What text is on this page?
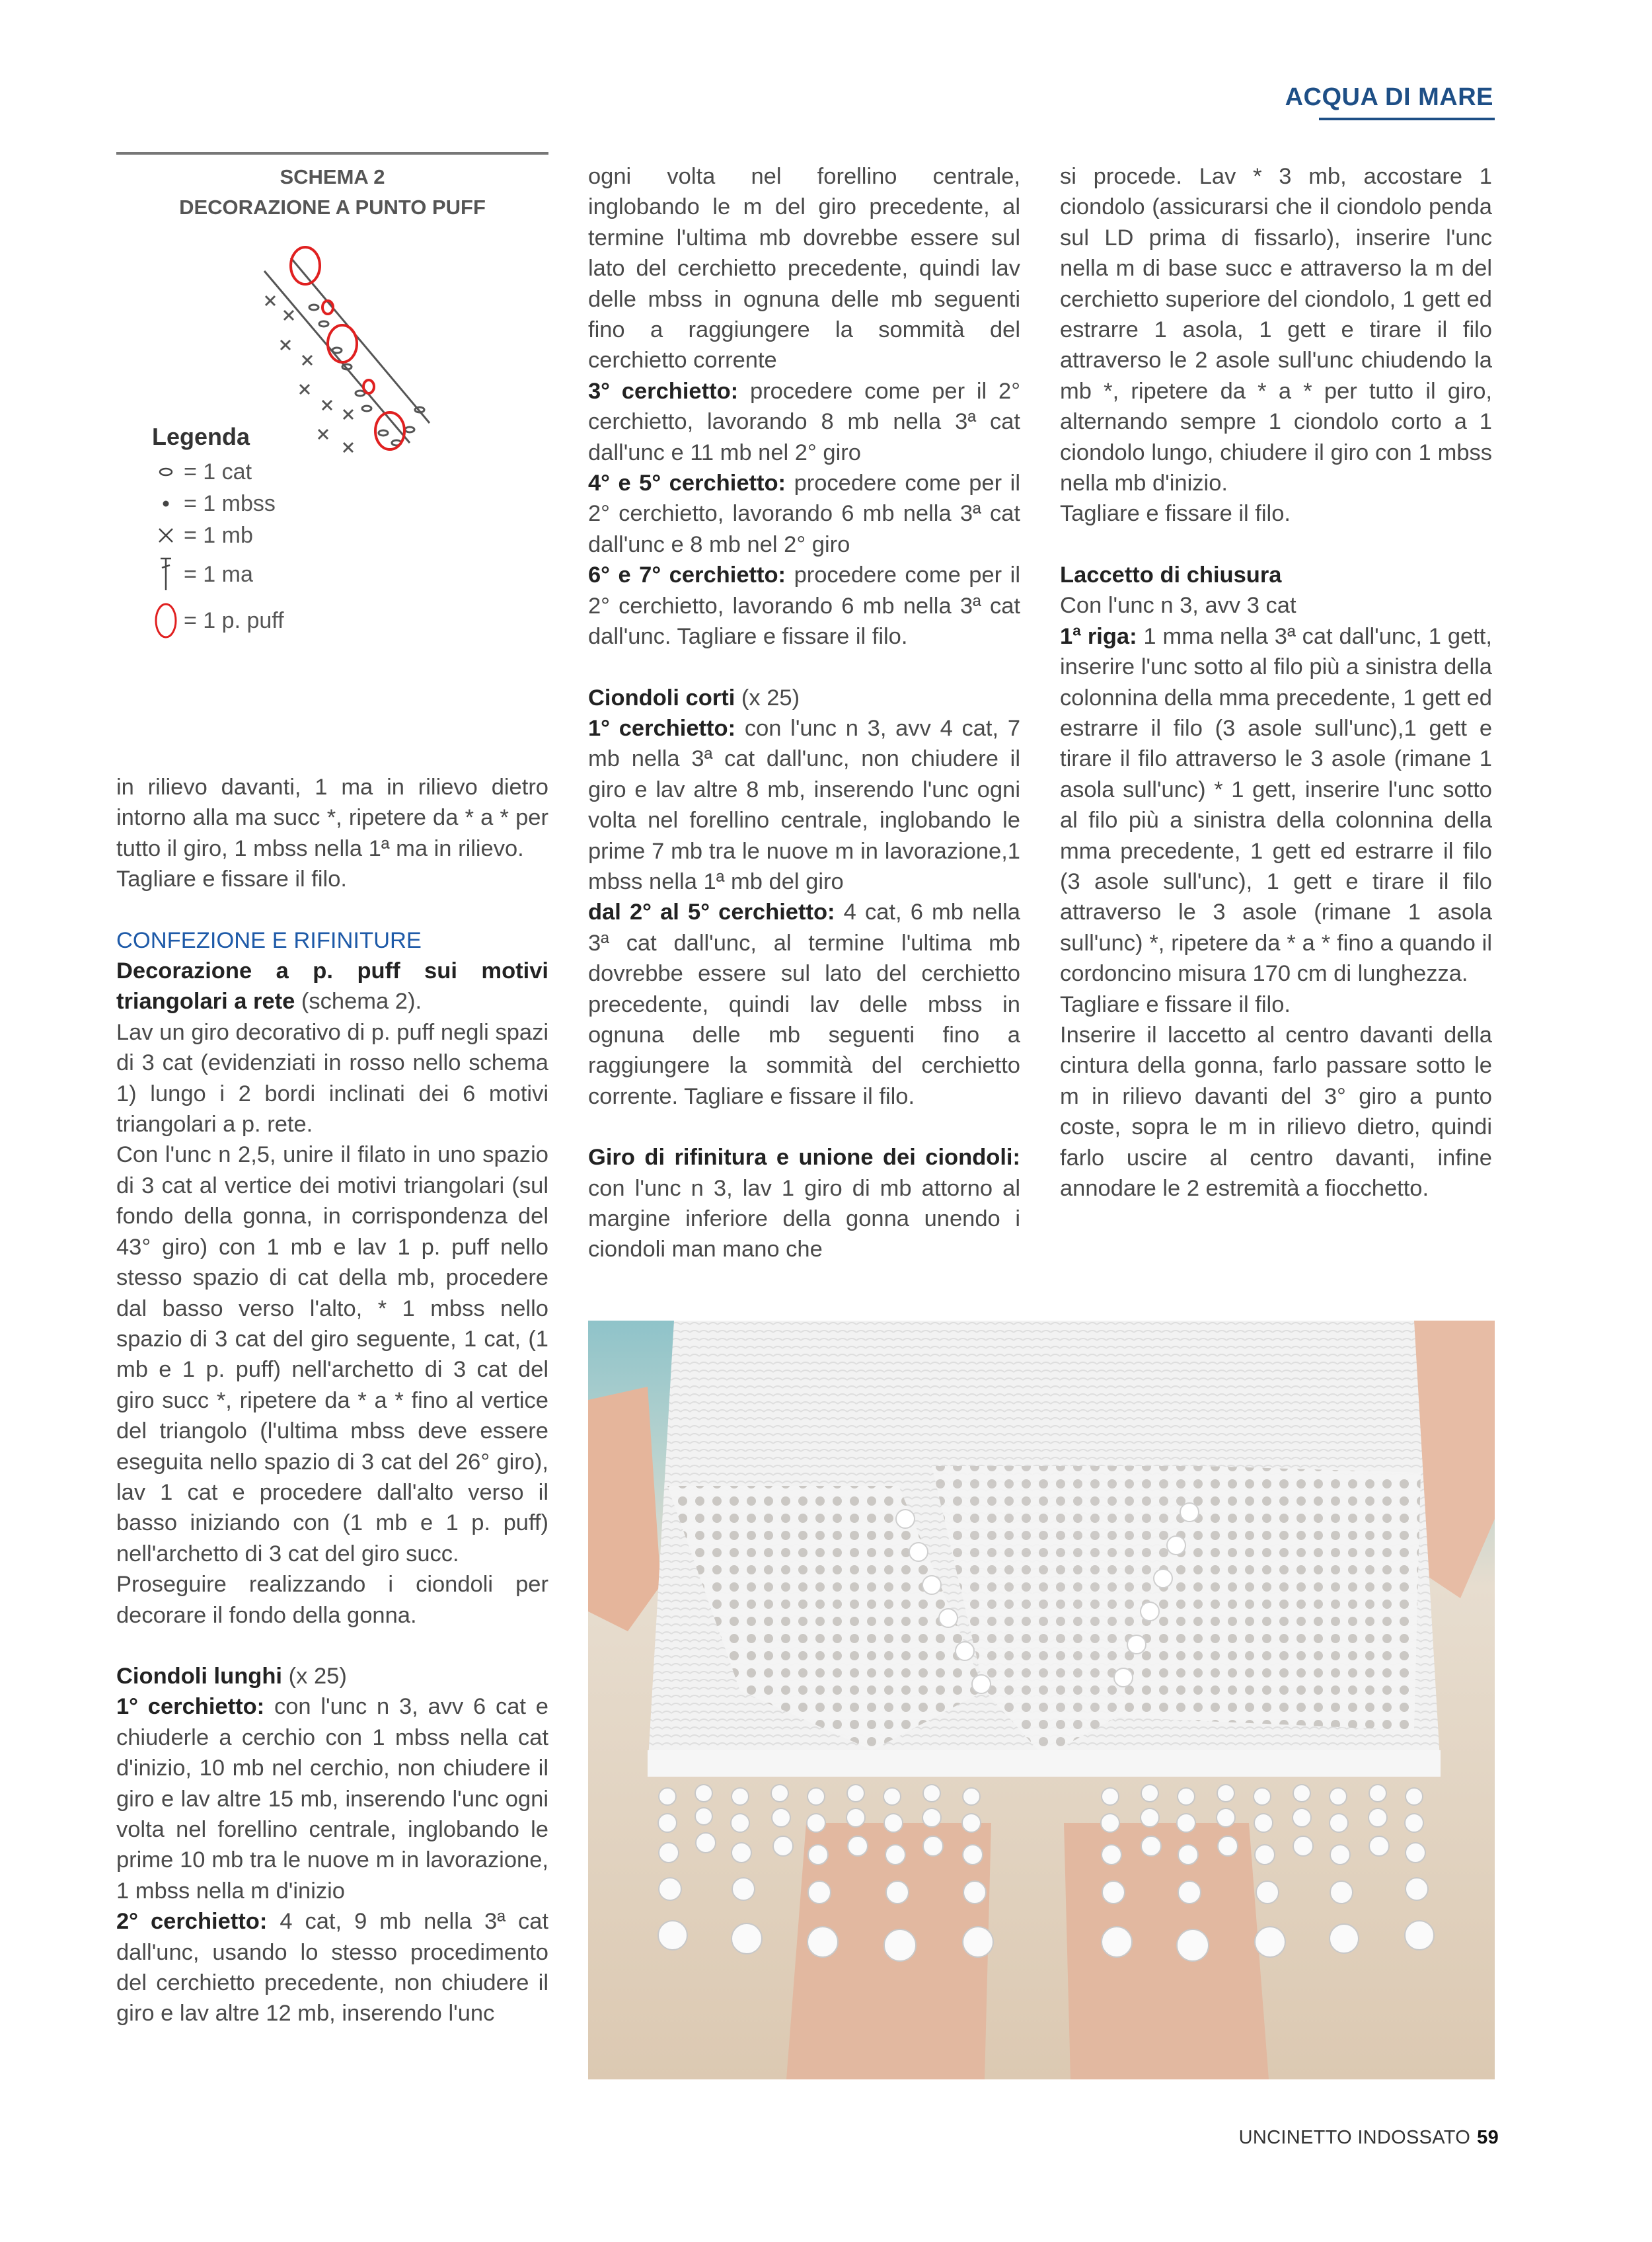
ACQUA DI MARE
SCHEMA 2
DECORAZIONE A PUNTO PUFF
Legenda
= 1 cat
= 1 mbss
= 1 mb
= 1 ma
= 1 p. puff

in rilievo davanti, 1 ma in rilievo dietro intorno alla ma succ *, ripetere da * a * per tutto il giro, 1 mbss nella 1ª ma in rilievo.

Tagliare e fissare il filo.

CONFEZIONE E RIFINITURE

Decorazione a p. puff sui motivi triangolari a rete (schema 2).

Lav un giro decorativo di p. puff negli spazi di 3 cat (evidenziati in rosso nello schema 1) lungo i 2 bordi inclinati dei 6 motivi triangolari a p. rete.

Con l'unc n 2,5, unire il filato in uno spazio di 3 cat al vertice dei motivi triangolari (sul fondo della gonna, in corrispondenza del 43° giro) con 1 mb e lav 1 p. puff nello stesso spazio di cat della mb, procedere dal basso verso l'alto, * 1 mbss nello spazio di 3 cat del giro seguente, 1 cat, (1 mb e 1 p. puff) nell'archetto di 3 cat del giro succ *, ripetere da * a * fino al vertice del triangolo (l'ultima mbss deve essere eseguita nello spazio di 3 cat del 26° giro), lav 1 cat e procedere dall'alto verso il basso iniziando con (1 mb e 1 p. puff) nell'archetto di 3 cat del giro succ.

Proseguire realizzando i ciondoli per decorare il fondo della gonna.

Ciondoli lunghi (x 25)

1° cerchietto: con l'unc n 3, avv 6 cat e chiuderle a cerchio con 1 mbss nella cat d'inizio, 10 mb nel cerchio, non chiudere il giro e lav altre 15 mb, inserendo l'unc ogni volta nel forellino centrale, inglobando le prime 10 mb tra le nuove m in lavorazione, 1 mbss nella m d'inizio

2° cerchietto: 4 cat, 9 mb nella 3ª cat dall'unc, usando lo stesso procedimento del cerchietto precedente, non chiudere il giro e lav altre 12 mb, inserendo l'unc

ogni volta nel forellino centrale, inglobando le m del giro precedente, al termine l'ultima mb dovrebbe essere sul lato del cerchietto precedente, quindi lav delle mbss in ognuna delle mb seguenti fino a raggiungere la sommità del cerchietto corrente

3° cerchietto: procedere come per il 2° cerchietto, lavorando 8 mb nella 3ª cat dall'unc e 11 mb nel 2° giro

4° e 5° cerchietto: procedere come per il 2° cerchietto, lavorando 6 mb nella 3ª cat dall'unc e 8 mb nel 2° giro

6° e 7° cerchietto: procedere come per il 2° cerchietto, lavorando 6 mb nella 3ª cat dall'unc. Tagliare e fissare il filo.

Ciondoli corti (x 25)

1° cerchietto: con l'unc n 3, avv 4 cat, 7 mb nella 3ª cat dall'unc, non chiudere il giro e lav altre 8 mb, inserendo l'unc ogni volta nel forellino centrale, inglobando le prime 7 mb tra le nuove m in lavorazione,1 mbss nella 1ª mb del giro

dal 2° al 5° cerchietto: 4 cat, 6 mb nella 3ª cat dall'unc, al termine l'ultima mb dovrebbe essere sul lato del cerchietto precedente, quindi lav delle mbss in ognuna delle mb seguenti fino a raggiungere la sommità del cerchietto corrente. Tagliare e fissare il filo.

Giro di rifinitura e unione dei ciondoli: con l'unc n 3, lav 1 giro di mb attorno al margine inferiore della gonna unendo i ciondoli man mano che

si procede. Lav * 3 mb, accostare 1 ciondolo (assicurarsi che il ciondolo penda sul LD prima di fissarlo), inserire l'unc nella m di base succ e attraverso la m del cerchietto superiore del ciondolo, 1 gett ed estrarre 1 asola, 1 gett e tirare il filo attraverso le 2 asole sull'unc chiudendo la mb *, ripetere da * a * per tutto il giro, alternando sempre 1 ciondolo corto a 1 ciondolo lungo, chiudere il giro con 1 mbss nella mb d'inizio.

Tagliare e fissare il filo.

Laccetto di chiusura

Con l'unc n 3, avv 3 cat

1ª riga: 1 mma nella 3ª cat dall'unc, 1 gett, inserire l'unc sotto al filo più a sinistra della colonnina della mma precedente, 1 gett ed estrarre il filo (3 asole sull'unc),1 gett e tirare il filo attraverso le 3 asole (rimane 1 asola sull'unc) * 1 gett, inserire l'unc sotto al filo più a sinistra della colonnina della mma precedente, 1 gett ed estrarre il filo (3 asole sull'unc), 1 gett e tirare il filo attraverso le 3 asole (rimane 1 asola sull'unc) *, ripetere da * a * fino a quando il cordoncino misura 170 cm di lunghezza.

Tagliare e fissare il filo.

Inserire il laccetto al centro davanti della cintura della gonna, farlo passare sotto le m in rilievo davanti del 3° giro a punto coste, sopra le m in rilievo dietro, quindi farlo uscire al centro davanti, infine annodare le 2 estremità a fiocchetto.

UNCINETTO INDOSSATO 59
